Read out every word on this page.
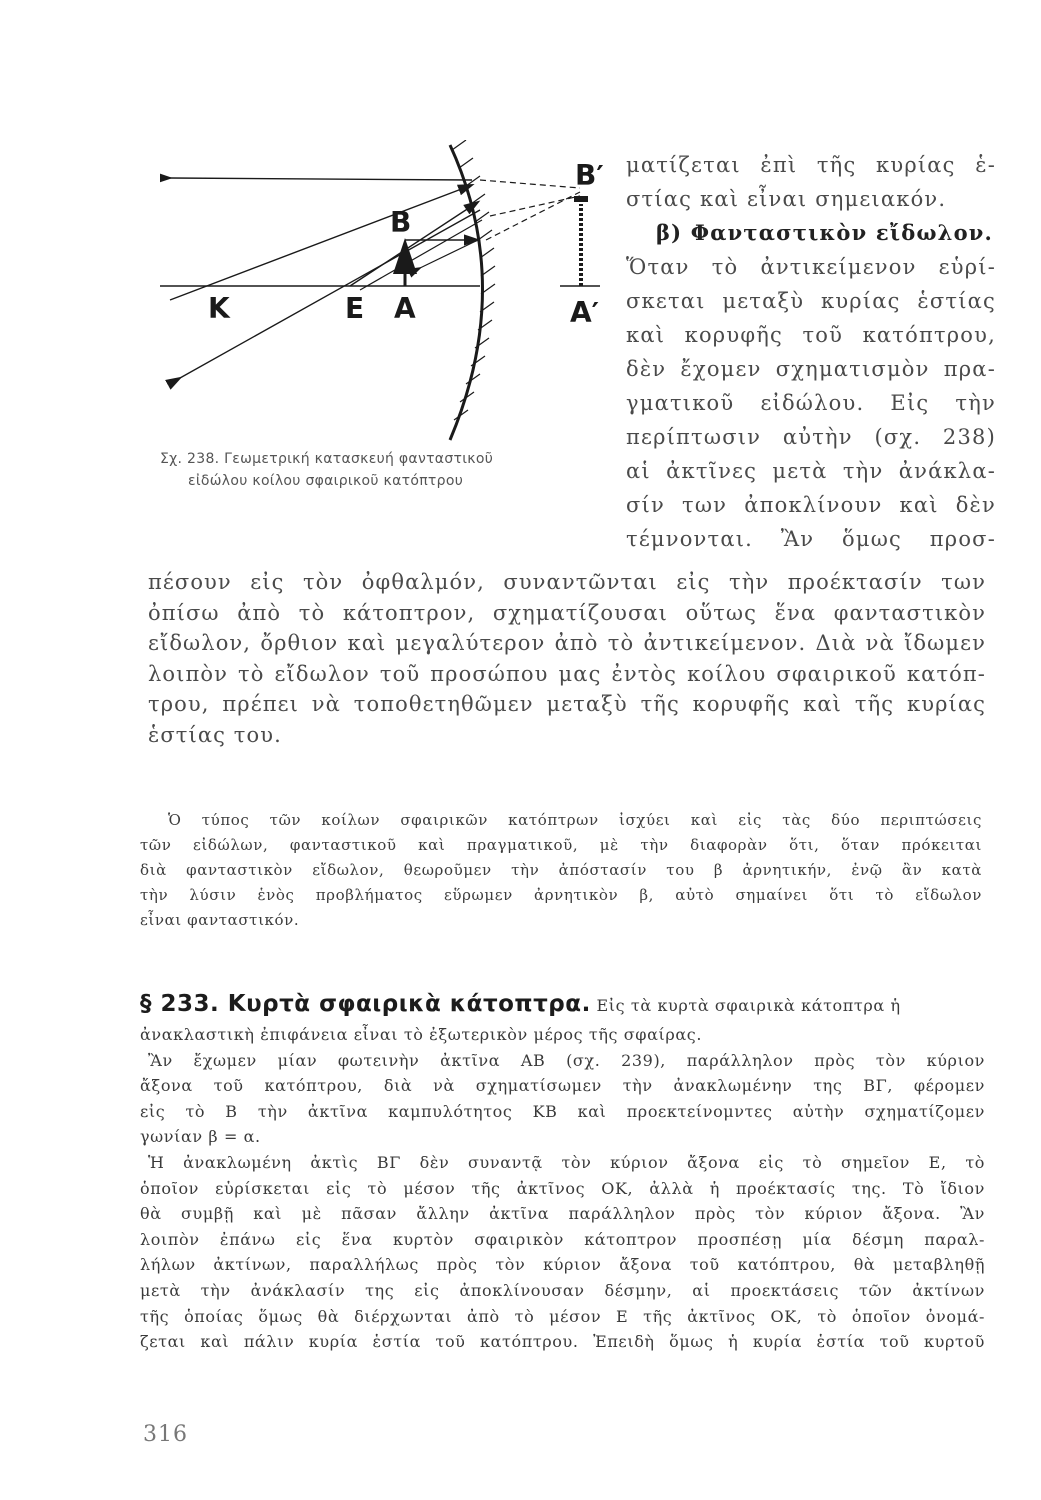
Β′
Β
Κ	Ε Α	Α′
Σχ. 238. Γεωμετρική κατασκευή φανταστικοῦ
εἰδώλου κοίλου σφαιρικοῦ κατόπτρου
ματίζεται ἐπὶ τῆς κυρίας ἑ-
στίας καὶ εἶναι σημειακόν.
β) Φανταστικὸν εἴδωλον.
Ὅταν τὸ ἀντικείμενον εὑρί-
σκεται μεταξὺ κυρίας ἑστίας
καὶ κορυφῆς τοῦ κατόπτρου,
δὲν ἔχομεν σχηματισμὸν πρα-
γματικοῦ εἰδώλου. Εἰς τὴν
περίπτωσιν αὐτὴν (σχ. 238)
αἱ ἀκτῖνες μετὰ τὴν ἀνάκλα-
σίν των ἀποκλίνουν καὶ δὲν
τέμνονται. Ἂν ὅμως προσ-
πέσουν εἰς τὸν ὀφθαλμόν, συναντῶνται εἰς τὴν προέκτασίν των
ὀπίσω ἀπὸ τὸ κάτοπτρον, σχηματίζουσαι οὕτως ἕνα φανταστικὸν
εἴδωλον, ὄρθιον καὶ μεγαλύτερον ἀπὸ τὸ ἀντικείμενον. Διὰ νὰ ἴδωμεν
λοιπὸν τὸ εἴδωλον τοῦ προσώπου μας ἐντὸς κοίλου σφαιρικοῦ κατόπ-
τρου, πρέπει νὰ τοποθετηθῶμεν μεταξὺ τῆς κορυφῆς καὶ τῆς κυρίας
ἑστίας του.
Ὁ τύπος τῶν κοίλων σφαιρικῶν κατόπτρων ἰσχύει καὶ εἰς τὰς δύο περιπτώσεις
τῶν εἰδώλων, φανταστικοῦ καὶ πραγματικοῦ, μὲ τὴν διαφορὰν ὅτι, ὅταν πρόκειται
διὰ φανταστικὸν εἴδωλον, θεωροῦμεν τὴν ἀπόστασίν του β ἀρνητικήν, ἐνῷ ἂν κατὰ
τὴν λύσιν ἑνὸς προβλήματος εὕρωμεν ἀρνητικὸν β, αὐτὸ σημαίνει ὅτι τὸ εἴδωλον
εἶναι φανταστικόν.
§ 233. Κυρτὰ σφαιρικὰ κάτοπτρα. Εἰς τὰ κυρτὰ σφαιρικὰ κάτοπτρα ἡ
ἀνακλαστικὴ ἐπιφάνεια εἶναι τὸ ἐξωτερικὸν μέρος τῆς σφαίρας.
Ἂν ἔχωμεν μίαν φωτεινὴν ἀκτῖνα ΑΒ (σχ. 239), παράλληλον πρὸς τὸν κύριον
ἄξονα τοῦ κατόπτρου, διὰ νὰ σχηματίσωμεν τὴν ἀνακλωμένην της ΒΓ, φέρομεν
εἰς τὸ Β τὴν ἀκτῖνα καμπυλότητος ΚΒ καὶ προεκτείνομντες αὐτὴν σχηματίζομεν
γωνίαν β = α.
Ἡ ἀνακλωμένη ἀκτὶς ΒΓ δὲν συναντᾷ τὸν κύριον ἄξονα εἰς τὸ σημεῖον Ε, τὸ
ὁποῖον εὑρίσκεται εἰς τὸ μέσον τῆς ἀκτῖνος ΟΚ, ἀλλὰ ἡ προέκτασίς της. Τὸ ἴδιον
θὰ συμβῇ καὶ μὲ πᾶσαν ἄλλην ἀκτῖνα παράλληλον πρὸς τὸν κύριον ἄξονα. Ἂν
λοιπὸν ἐπάνω εἰς ἕνα κυρτὸν σφαιρικὸν κάτοπτρον προσπέσῃ μία δέσμη παραλ-
λήλων ἀκτίνων, παραλλήλως πρὸς τὸν κύριον ἄξονα τοῦ κατόπτρου, θὰ μεταβληθῇ
μετὰ τὴν ἀνάκλασίν της εἰς ἀποκλίνουσαν δέσμην, αἱ προεκτάσεις τῶν ἀκτίνων
τῆς ὁποίας ὅμως θὰ διέρχωνται ἀπὸ τὸ μέσον Ε τῆς ἀκτῖνος ΟΚ, τὸ ὁποῖον ὀνομά-
ζεται καὶ πάλιν κυρία ἑστία τοῦ κατόπτρου. Ἐπειδὴ ὅμως ἡ κυρία ἑστία τοῦ κυρτοῦ
316
